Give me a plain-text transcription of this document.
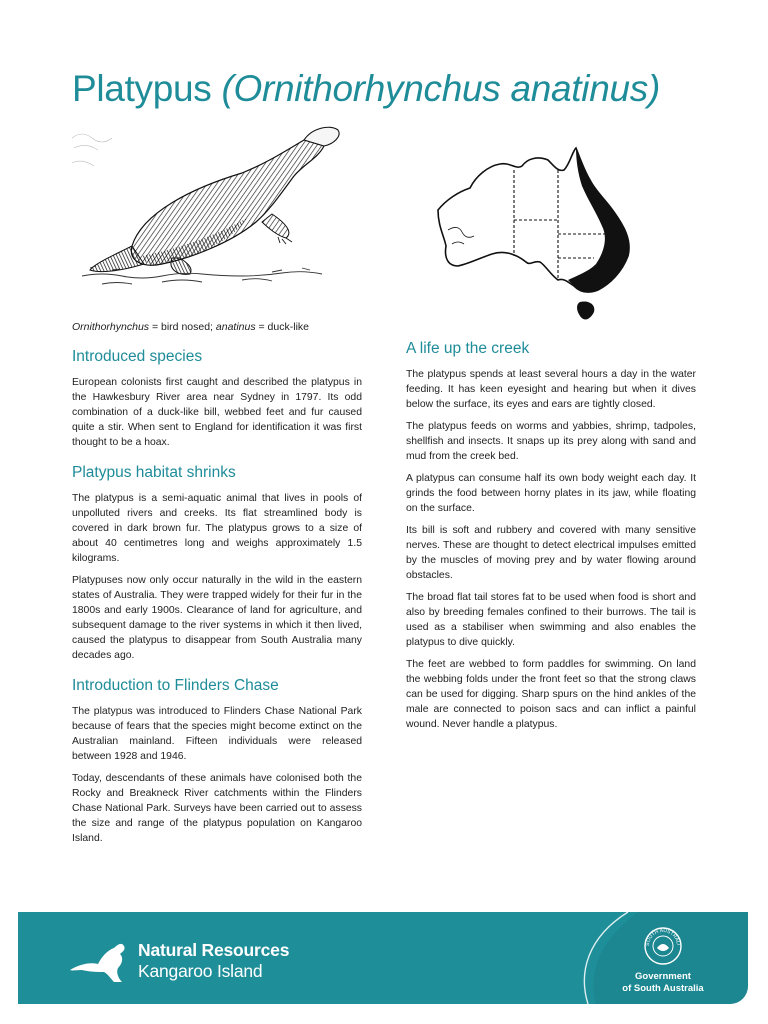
Platypus (Ornithorhynchus anatinus)

Ornithorhynchus = bird nosed; anatinus = duck-like

Introduced species

European colonists first caught and described the platypus in the Hawkesbury River area near Sydney in 1797. Its odd combination of a duck-like bill, webbed feet and fur caused quite a stir. When sent to England for identification it was first thought to be a hoax.

Platypus habitat shrinks

The platypus is a semi-aquatic animal that lives in pools of unpolluted rivers and creeks. Its flat streamlined body is covered in dark brown fur. The platypus grows to a size of about 40 centimetres long and weighs approximately 1.5 kilograms.

Platypuses now only occur naturally in the wild in the eastern states of Australia. They were trapped widely for their fur in the 1800s and early 1900s. Clearance of land for agriculture, and subsequent damage to the river systems in which it then lived, caused the platypus to disappear from South Australia many decades ago.

Introduction to Flinders Chase

The platypus was introduced to Flinders Chase National Park because of fears that the species might become extinct on the Australian mainland. Fifteen individuals were released between 1928 and 1946.

Today, descendants of these animals have colonised both the Rocky and Breakneck River catchments within the Flinders Chase National Park. Surveys have been carried out to assess the size and range of the platypus population on Kangaroo Island.

A life up the creek

The platypus spends at least several hours a day in the water feeding. It has keen eyesight and hearing but when it dives below the surface, its eyes and ears are tightly closed.

The platypus feeds on worms and yabbies, shrimp, tadpoles, shellfish and insects. It snaps up its prey along with sand and mud from the creek bed.

A platypus can consume half its own body weight each day. It grinds the food between horny plates in its jaw, while floating on the surface.

Its bill is soft and rubbery and covered with many sensitive nerves. These are thought to detect electrical impulses emitted by the muscles of moving prey and by water flowing around obstacles.

The broad flat tail stores fat to be used when food is short and also by breeding females confined to their burrows. The tail is used as a stabiliser when swimming and also enables the platypus to dive quickly.

The feet are webbed to form paddles for swimming. On land the webbing folds under the front feet so that the strong claws can be used for digging. Sharp spurs on the hind ankles of the male are connected to poison sacs and can inflict a painful wound. Never handle a platypus.

Natural Resources
Kangaroo Island
SOUTH AUSTRALI
Government
of South Australia
